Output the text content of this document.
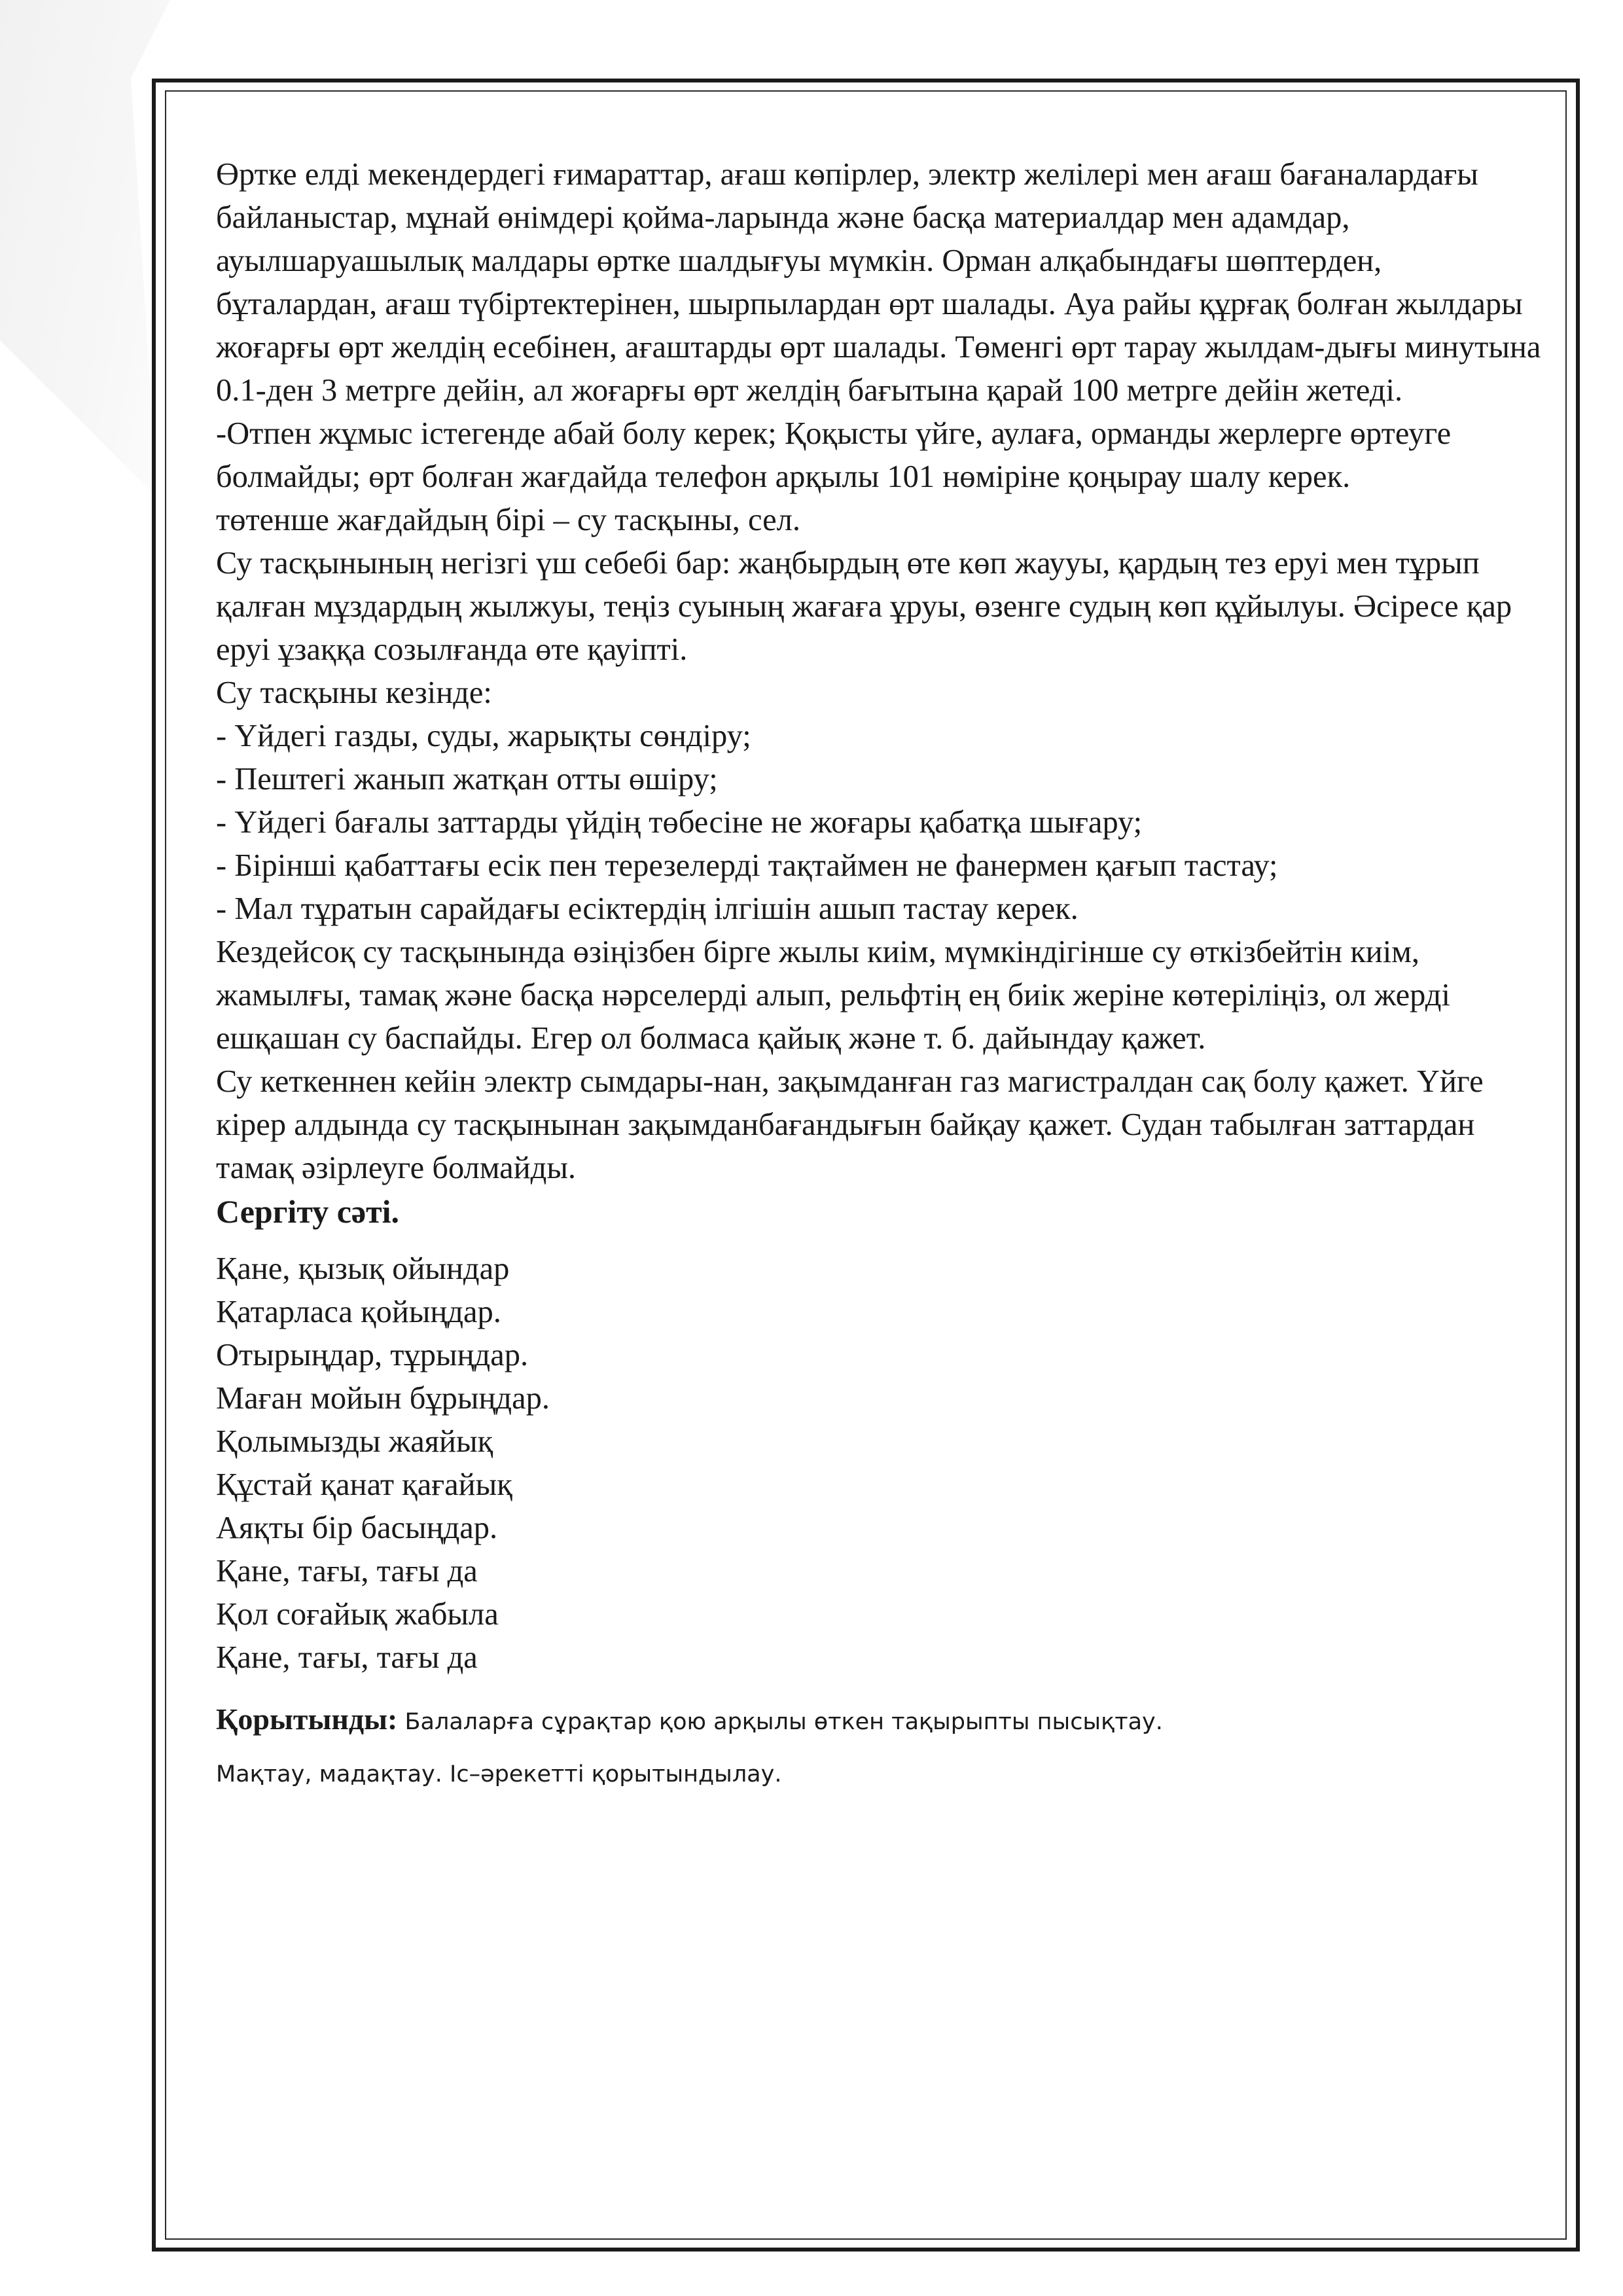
Өртке елді мекендердегі ғимараттар, ағаш көпірлер, электр желілері мен ағаш бағаналардағы байланыстар, мұнай өнімдері қойма-ларында және басқа материалдар мен адамдар, ауылшаруашылық малдары өртке шалдығуы мүмкін. Орман алқабындағы шөптерден, бұталардан, ағаш түбіртектерінен, шырпылардан өрт шалады. Ауа райы құрғақ болған жылдары жоғарғы өрт желдің есебінен, ағаштарды өрт шалады. Төменгі өрт тарау жылдам-дығы минутына 0.1-ден 3 метрге дейін, ал жоғарғы өрт желдің бағытына қарай 100 метрге дейін жетеді.

-Отпен жұмыс істегенде абай болу керек; Қоқысты үйге, аулаға, орманды жерлерге өртеуге болмайды; өрт болған жағдайда телефон арқылы 101 нөміріне қоңырау шалу керек.

төтенше жағдайдың бірі – су тасқыны, сел.

Су тасқынының негізгі үш себебі бар: жаңбырдың өте көп жаууы, қардың тез еруі мен тұрып қалған мұздардың жылжуы, теңіз суының жағаға ұруы, өзенге судың көп құйылуы. Әсіресе қар еруі ұзаққа созылғанда өте қауіпті.

Су тасқыны кезінде:

- Үйдегі газды, суды, жарықты сөндіру;

- Пештегі жанып жатқан отты өшіру;

- Үйдегі бағалы заттарды үйдің төбесіне не жоғары қабатқа шығару;

- Бірінші қабаттағы есік пен терезелерді тақтаймен не фанермен қағып тастау;

- Мал тұратын сарайдағы есіктердің ілгішін ашып тастау керек.

Кездейсоқ су тасқынында өзіңізбен бірге жылы киім, мүмкіндігінше су өткізбейтін киім, жамылғы, тамақ және басқа нәрселерді алып, рельфтің ең биік жеріне көтеріліңіз, ол жерді ешқашан су баспайды. Егер ол болмаса қайық және т. б. дайындау қажет.

Су кеткеннен кейін электр сымдары-нан, зақымданған газ магистралдан сақ болу қажет. Үйге кірер алдында су тасқынынан зақымданбағандығын байқау қажет. Судан табылған заттардан тамақ әзірлеуге болмайды.

Сергіту сәті.

Қане, қызық ойындар

Қатарласа қойыңдар.

Отырыңдар, тұрыңдар.

Маған мойын бұрыңдар.

Қолымызды жаяйық

Құстай қанат қағайық

Аяқты бір басыңдар.

Қане, тағы, тағы да

Қол соғайық жабыла

Қане, тағы, тағы да

Қорытынды: Балаларға сұрақтар қою арқылы өткен тақырыпты пысықтау.

Мақтау, мадақтау. Іс–әрекетті қорытындылау.
